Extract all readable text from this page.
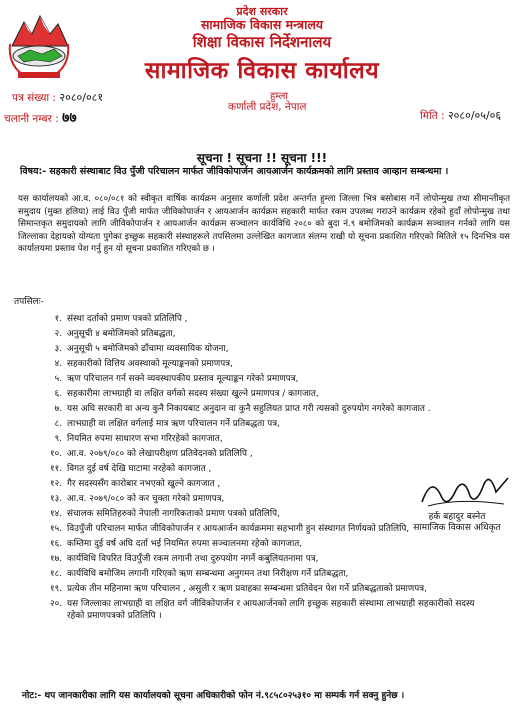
प्रदेश सरकार
सामाजिक विकास मन्त्रालय
शिक्षा विकास निर्देशनालय
सामाजिक विकास कार्यालय
हुम्ला
कर्णाली प्रदेश, नेपाल
पत्र संख्या : २०८०/०८१
चलानी नम्बर : ७७	मिति : २०८०/०५/०६
सूचना ! सूचना !! सूचना !!!
विषय:- सहकारी संस्थाबाट विउ पुँजी परिचालन मार्फत जीविकोपार्जन आयआर्जन कार्यक्रमको लागि प्रस्ताव आव्हान सम्बन्धमा ।
यस कार्यालयको आ.व. ०८०/०८१ को स्वीकृत वार्षिक कार्यक्रम अनुसार कर्णाली प्रदेश अन्तर्गत हुम्ला जिल्ला भित्र बसोबास गर्ने लोपोन्मुख तथा सीमान्तीकृत समुदाय (मुक्त हलिया) लाई विउ पुँजी मार्फत जीविकोपार्जन र आयआर्जन कार्यक्रम सहकारी मार्फत रकम उपलब्ध गराउने कार्यक्रम रहेको हुदाँ लोपोन्मुख तथा सिमान्तकृत समुदायको लागि जीविकोपार्जन र आयआर्जन कार्यक्रम सञ्चालन कार्यविधि २०८० को बुदा नं.९ बमोजिमको कार्यक्रम सञ्चालन गर्नको लागि यस जिल्लाका देहायको योग्यता पुगेका इच्छुक सहकारी संस्थाहरूले तपसिलमा उल्लेखित कागजात संलग्न राखी यो सूचना प्रकाशित गरिएको मितिले १५ दिनभित्र यस कार्यालयमा प्रस्ताव पेश गर्नु हुन यो सूचना प्रकाशित गरिएको छ ।
तपसिलः-
१. संस्था दर्ताको प्रमाण पत्रको प्रतिलिपि ,
२. अनुसूची ४ बमोजिमको प्रतिबद्धता,
३. अनुसूची ५ बमोजिमको ढाँचामा व्यवसायिक योजना,
४. सहकारीको वित्तिय अवस्थाको मूल्याङ्कनको प्रमाणपत्र,
५. ऋण परिचालन गर्न सक्ने व्यवस्थापकीय प्रस्ताव मूल्याङ्कन गरेको प्रमाणपत्र,
६. सहकारीमा लाभग्राही वा लक्षित वर्गको सदस्य संख्या खुल्ने प्रमाणपत्र / कागजात,
७. यस अघि सरकारी वा अन्य कुनै निकायबाट अनुदान वा कुनै सहुलियत प्राप्त गरी त्यसको दुरुपयोग नगरेको कागजात .
८. लाभग्राही वा लक्षित वर्गलाई मात्र ऋण परिचालन गर्ने प्रतिबद्धता पत्र,
९. नियमित रुपमा साधारण सभा गरिरहेको कागजात,
१०. आ.व. २०७९/०८० को लेखापरीक्षण प्रतिवेदनको प्रतिलिपि ,
११. विगत दुई वर्ष देखि घाटामा नरहेको कागजात ,
१२. गैर सदस्यसँग कारोबार नभएको खुल्ने कागजात ,
१३. आ.व. २०७९/०८० को कर चुक्ता गरेको प्रमाणपत्र,
१४. संचालक समितिहरुको नेपाली नागरिकताको प्रमाण पत्रको प्रतिलिपि,
१५. विउपुँजी परिचालन मार्फत जीविकोपार्जन र आयआर्जन कार्यक्रममा सहभागी हुन संस्थागत निर्णयको प्रतिलिपि,
१६. कम्तिमा दुई वर्ष अघि दर्ता भई नियमित रुपमा सञ्चालनमा रहेको कागजात,
१७. कार्यविधि विपरित विउपुँजी रकम लगानी तथा दुरुपयोग नगर्ने कबुलियतनामा पत्र,
१८. कार्यविधि बमोजिम लगानी गरिएको ऋण सम्बन्धमा अनुगमन तथा निरीक्षण गर्ने प्रतिबद्धता,
१९. प्रत्येक तीन महिनामा ऋण परिचालन , असुली र ऋण प्रवाहका सम्बन्धमा प्रतिवेदन पेश गर्ने प्रतिबद्धताको प्रमाणपत्र,
२०. यस जिल्लाका लाभग्राही वा लक्षित वर्ग जीविकोपार्जन र आयआर्जनको लागि इच्छुक सहकारी संस्थामा लाभग्राही सहकारीको सदस्य रहेको प्रमाणपत्रको प्रतिलिपि ।
हर्क बहादुर बस्नेत
सामाजिक विकास अधिकृत
नोट:- थप जानकारीका लागि यस कार्यालयको सूचना अधिकारीको फोन नं.९८५८०२५३१० मा सम्पर्क गर्न सक्नु हुनेछ ।
